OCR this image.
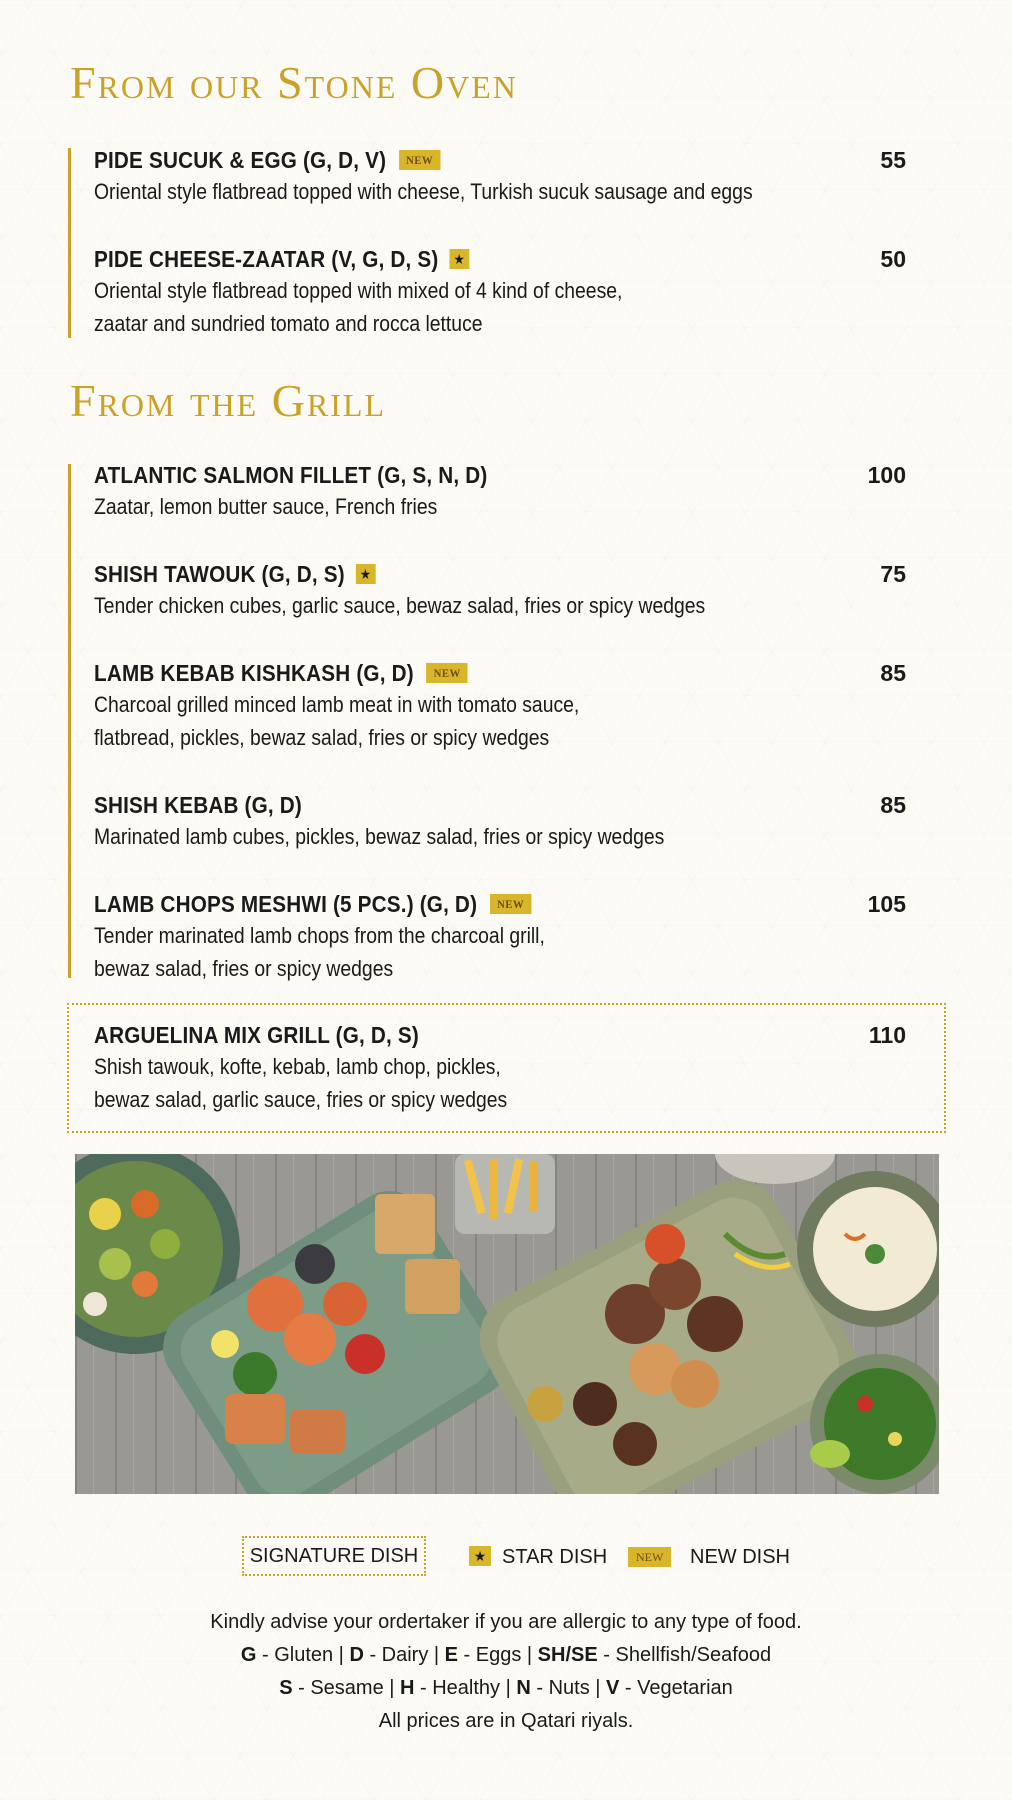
From our Stone Oven
PIDE SUCUK & EGG (G, D, V)	NEW	55
Oriental style flatbread topped with cheese, Turkish sucuk sausage and eggs
PIDE CHEESE-ZAATAR (V, G, D, S) ★	50
Oriental style flatbread topped with mixed of 4 kind of cheese,
zaatar and sundried tomato and rocca lettuce
From the Grill
ATLANTIC SALMON FILLET (G, S, N, D)	100
Zaatar, lemon butter sauce, French fries
SHISH TAWOUK (G, D, S) ★	75
Tender chicken cubes, garlic sauce, bewaz salad, fries or spicy wedges
LAMB KEBAB KISHKASH (G, D)	NEW	85
Charcoal grilled minced lamb meat in with tomato sauce,
flatbread, pickles, bewaz salad, fries or spicy wedges
SHISH KEBAB (G, D)	85
Marinated lamb cubes, pickles, bewaz salad, fries or spicy wedges
LAMB CHOPS MESHWI (5 PCS.) (G, D)	NEW	105
Tender marinated lamb chops from the charcoal grill,
bewaz salad, fries or spicy wedges
ARGUELINA MIX GRILL (G, D, S)	110
Shish tawouk, kofte, kebab, lamb chop, pickles,
bewaz salad, garlic sauce, fries or spicy wedges
SIGNATURE DISH	★ STAR DISH	NEW	NEW DISH
Kindly advise your ordertaker if you are allergic to any type of food.
G - Gluten | D - Dairy | E - Eggs | SH/SE - Shellfish/Seafood
S - Sesame | H - Healthy | N - Nuts | V - Vegetarian
All prices are in Qatari riyals.
